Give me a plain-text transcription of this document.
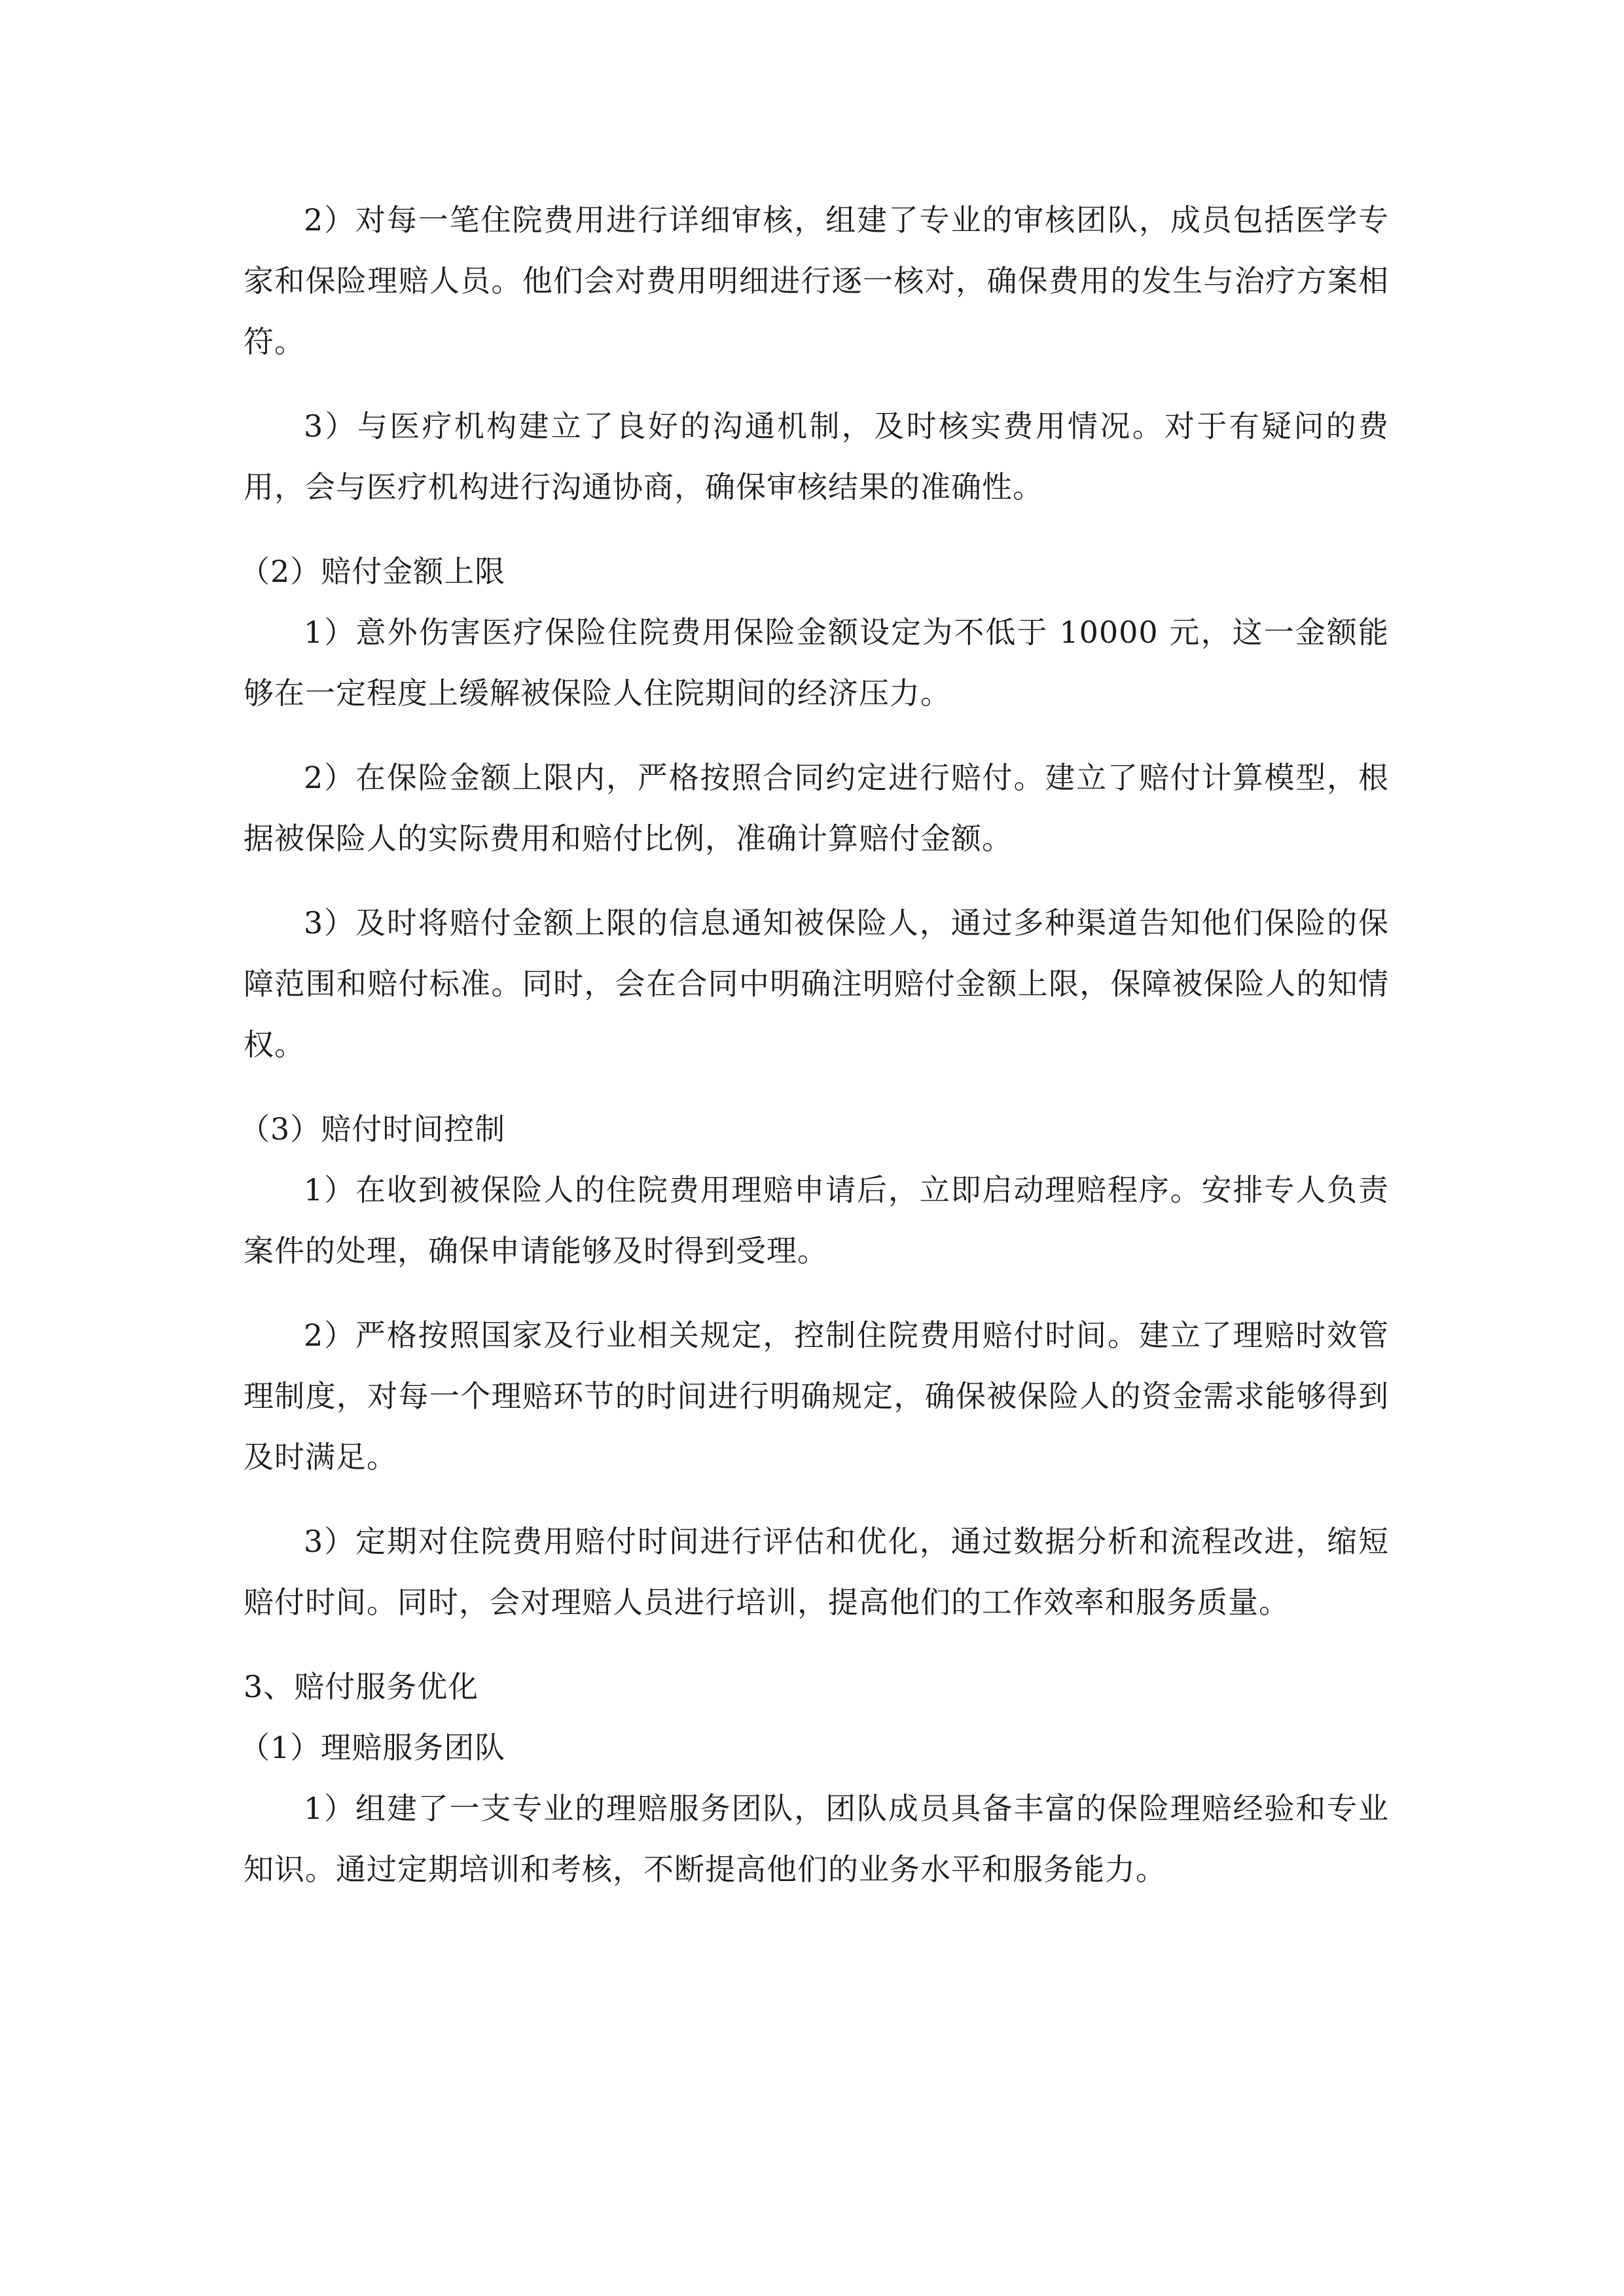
2）对每一笔住院费用进行详细审核，组建了专业的审核团队，成员包括医学专家和保险理赔人员。他们会对费用明细进行逐一核对，确保费用的发生与治疗方案相符。

3）与医疗机构建立了良好的沟通机制，及时核实费用情况。对于有疑问的费用，会与医疗机构进行沟通协商，确保审核结果的准确性。

（2）赔付金额上限

1）意外伤害医疗保险住院费用保险金额设定为不低于 10000 元，这一金额能够在一定程度上缓解被保险人住院期间的经济压力。

2）在保险金额上限内，严格按照合同约定进行赔付。建立了赔付计算模型，根据被保险人的实际费用和赔付比例，准确计算赔付金额。

3）及时将赔付金额上限的信息通知被保险人，通过多种渠道告知他们保险的保障范围和赔付标准。同时，会在合同中明确注明赔付金额上限，保障被保险人的知情权。

（3）赔付时间控制

1）在收到被保险人的住院费用理赔申请后，立即启动理赔程序。安排专人负责案件的处理，确保申请能够及时得到受理。

2）严格按照国家及行业相关规定，控制住院费用赔付时间。建立了理赔时效管理制度，对每一个理赔环节的时间进行明确规定，确保被保险人的资金需求能够得到及时满足。

3）定期对住院费用赔付时间进行评估和优化，通过数据分析和流程改进，缩短赔付时间。同时，会对理赔人员进行培训，提高他们的工作效率和服务质量。

3、赔付服务优化

（1）理赔服务团队

1）组建了一支专业的理赔服务团队，团队成员具备丰富的保险理赔经验和专业知识。通过定期培训和考核，不断提高他们的业务水平和服务能力。
